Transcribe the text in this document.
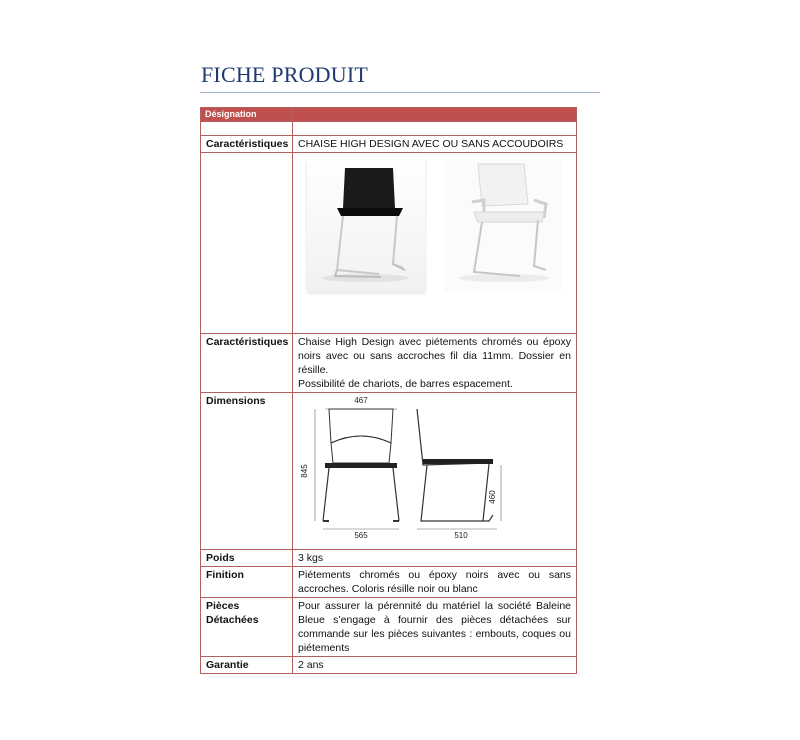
FICHE PRODUIT
Désignation	

Caractéristiques	CHAISE HIGH DESIGN AVEC OU SANS ACCOUDOIRS

Caractéristiques	Chaise High Design avec piétements chromés ou époxy noirs avec ou sans accroches fil dia 11mm. Dossier en résille.
Possibilité de chariots, de barres espacement.

Dimensions	467
845
565
460
510

Poids	3 kgs
Finition	Piétements chromés ou époxy noirs avec ou sans accroches. Coloris résille noir ou blanc
Pièces Détachées	Pour assurer la pérennité du matériel la société Baleine Bleue s’engage à fournir des pièces détachées sur commande sur les pièces suivantes : embouts, coques ou piétements
Garantie	2 ans
